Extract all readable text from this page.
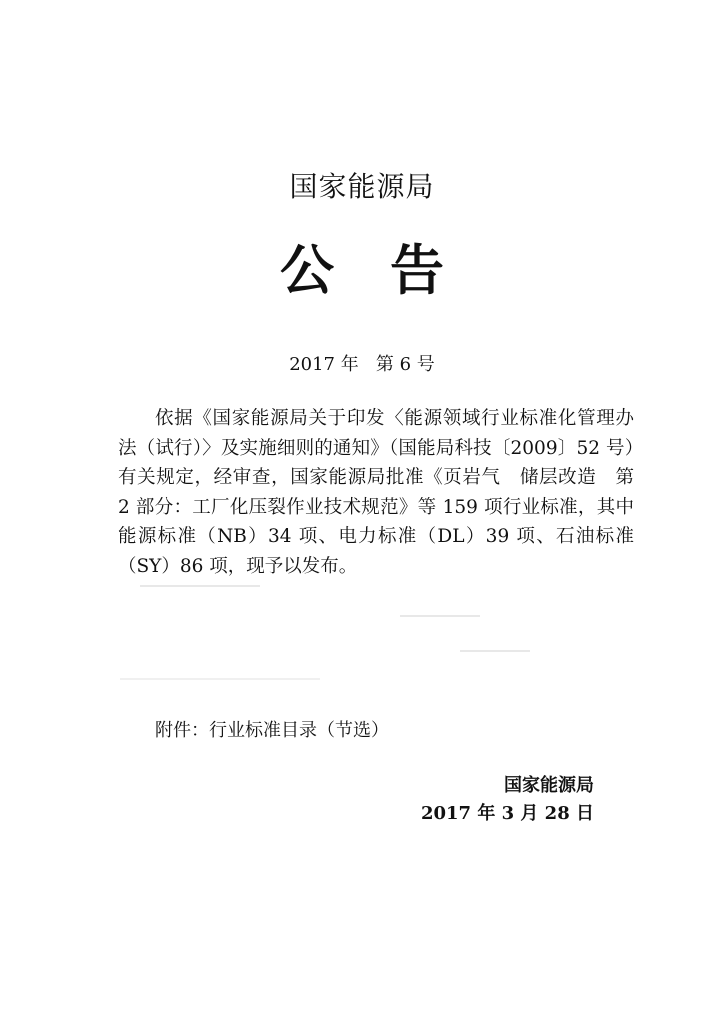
国家能源局
公 告
2017 年   第 6 号
依据《国家能源局关于印发〈能源领域行业标准化管理办法（试行）〉及实施细则的通知》（国能局科技〔2009〕52 号）有关规定，经审查，国家能源局批准《页岩气　储层改造　第 2 部分：工厂化压裂作业技术规范》等 159 项行业标准，其中能源标准（NB）34 项、电力标准（DL）39 项、石油标准（SY）86 项，现予以发布。
附件：行业标准目录（节选）
国家能源局
2017 年 3 月 28 日
